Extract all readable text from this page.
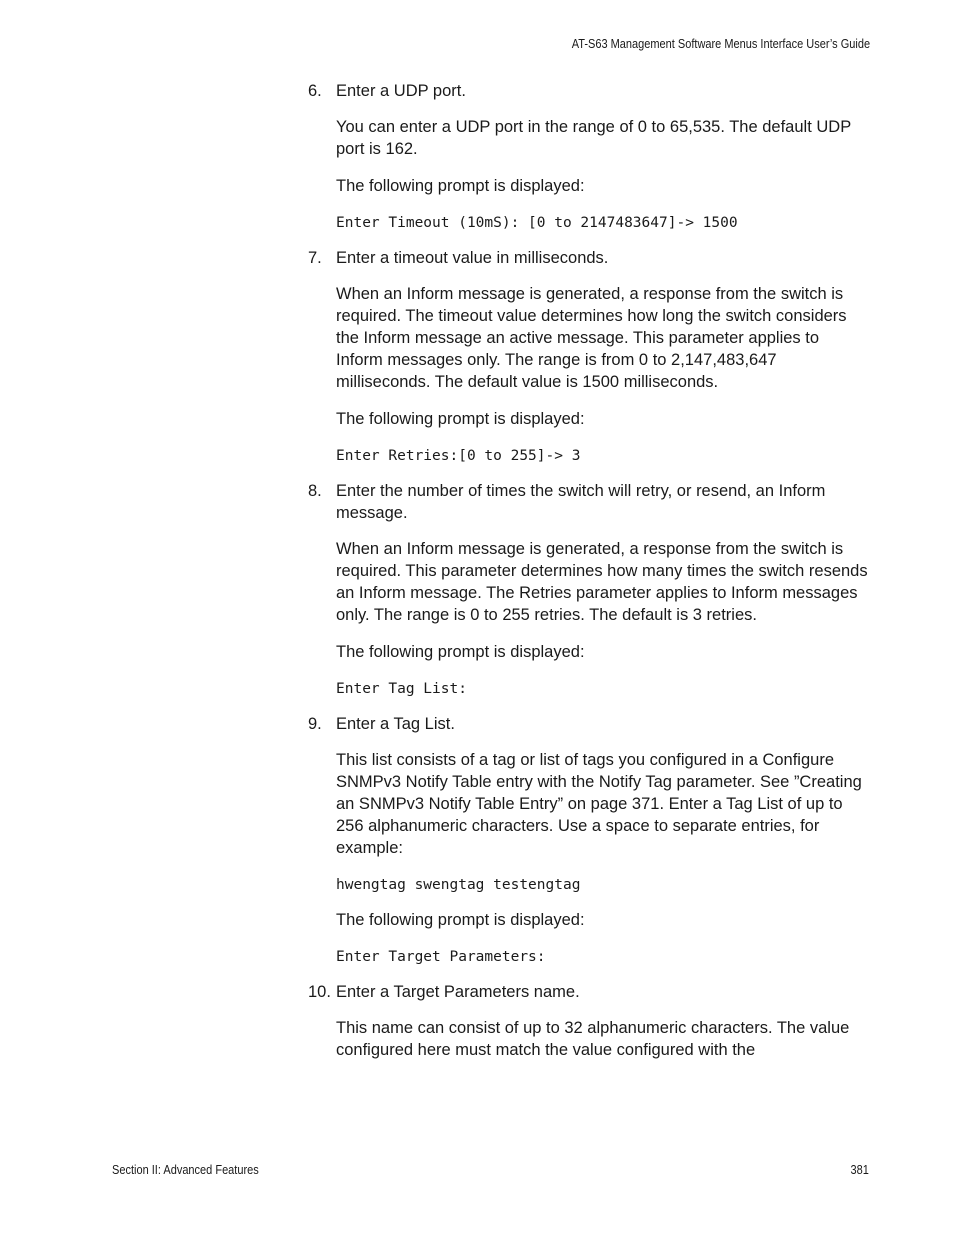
AT-S63 Management Software Menus Interface User’s Guide
6. Enter a UDP port.
You can enter a UDP port in the range of 0 to 65,535. The default UDP port is 162.
The following prompt is displayed:
Enter Timeout (10mS): [0 to 2147483647]-> 1500
7. Enter a timeout value in milliseconds.
When an Inform message is generated, a response from the switch is required. The timeout value determines how long the switch considers the Inform message an active message. This parameter applies to Inform messages only. The range is from 0 to 2,147,483,647 milliseconds. The default value is 1500 milliseconds.
The following prompt is displayed:
Enter Retries:[0 to 255]-> 3
8. Enter the number of times the switch will retry, or resend, an Inform message.
When an Inform message is generated, a response from the switch is required. This parameter determines how many times the switch resends an Inform message. The Retries parameter applies to Inform messages only. The range is 0 to 255 retries. The default is 3 retries.
The following prompt is displayed:
Enter Tag List:
9. Enter a Tag List.
This list consists of a tag or list of tags you configured in a Configure SNMPv3 Notify Table entry with the Notify Tag parameter. See ”Creating an SNMPv3 Notify Table Entry” on page 371. Enter a Tag List of up to 256 alphanumeric characters. Use a space to separate entries, for example:
hwengtag swengtag testengtag
The following prompt is displayed:
Enter Target Parameters:
10. Enter a Target Parameters name.
This name can consist of up to 32 alphanumeric characters. The value configured here must match the value configured with the
Section II: Advanced Features	381
